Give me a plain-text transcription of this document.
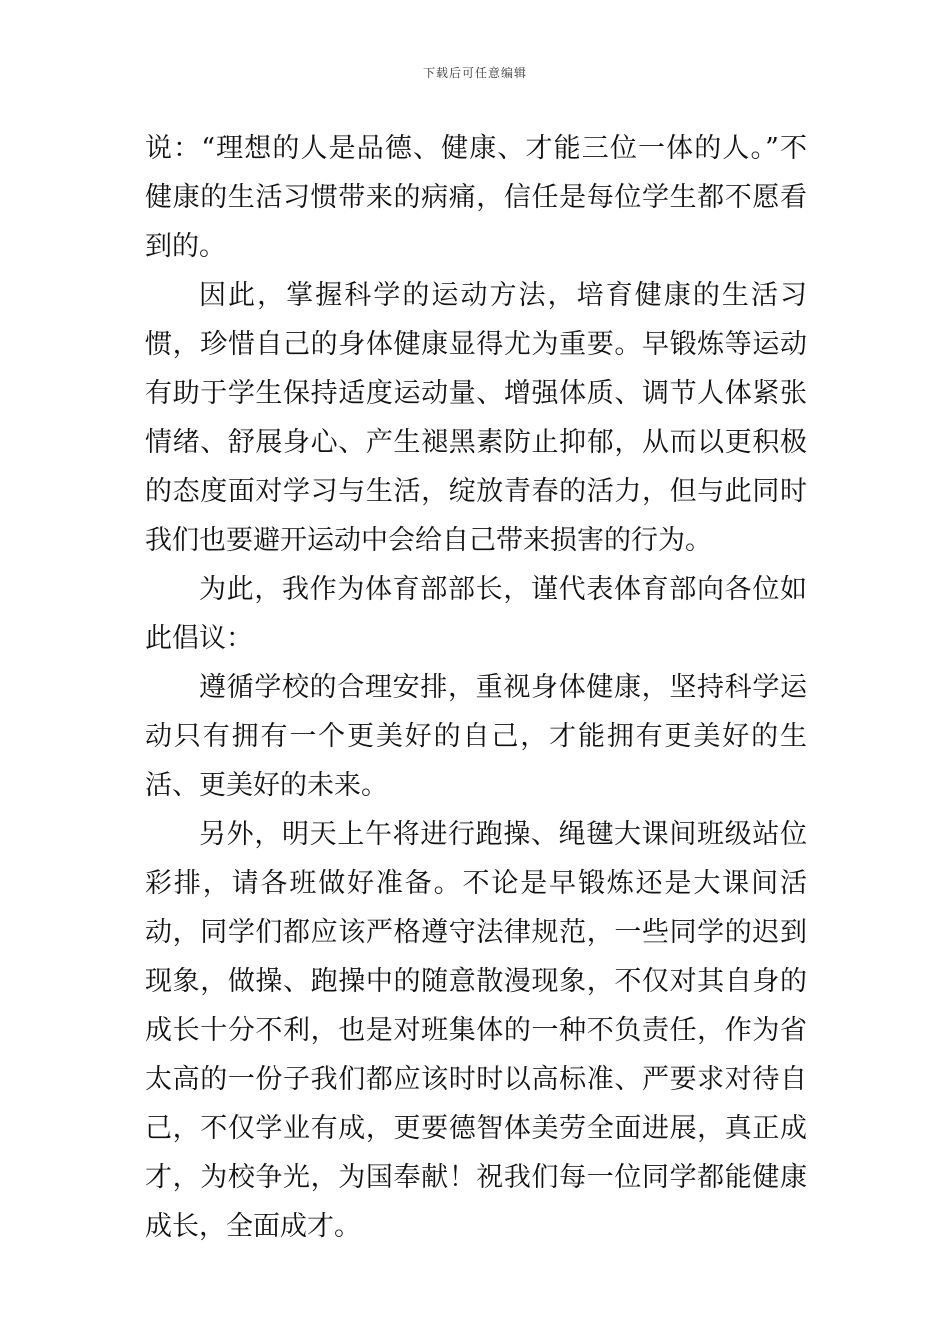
下载后可任意编辑

说：“理想的人是品德、健康、才能三位一体的人。”不健康的生活习惯带来的病痛，信任是每位学生都不愿看到的。

因此，掌握科学的运动方法，培育健康的生活习惯，珍惜自己的身体健康显得尤为重要。早锻炼等运动有助于学生保持适度运动量、增强体质、调节人体紧张情绪、舒展身心、产生褪黑素防止抑郁，从而以更积极的态度面对学习与生活，绽放青春的活力，但与此同时我们也要避开运动中会给自己带来损害的行为。

为此，我作为体育部部长，谨代表体育部向各位如此倡议：

遵循学校的合理安排，重视身体健康，坚持科学运动只有拥有一个更美好的自己，才能拥有更美好的生活、更美好的未来。

另外，明天上午将进行跑操、绳毽大课间班级站位彩排，请各班做好准备。不论是早锻炼还是大课间活动，同学们都应该严格遵守法律规范，一些同学的迟到现象，做操、跑操中的随意散漫现象，不仅对其自身的成长十分不利，也是对班集体的一种不负责任，作为省太高的一份子我们都应该时时以高标准、严要求对待自己，不仅学业有成，更要德智体美劳全面进展，真正成才，为校争光，为国奉献！祝我们每一位同学都能健康成长，全面成才。
